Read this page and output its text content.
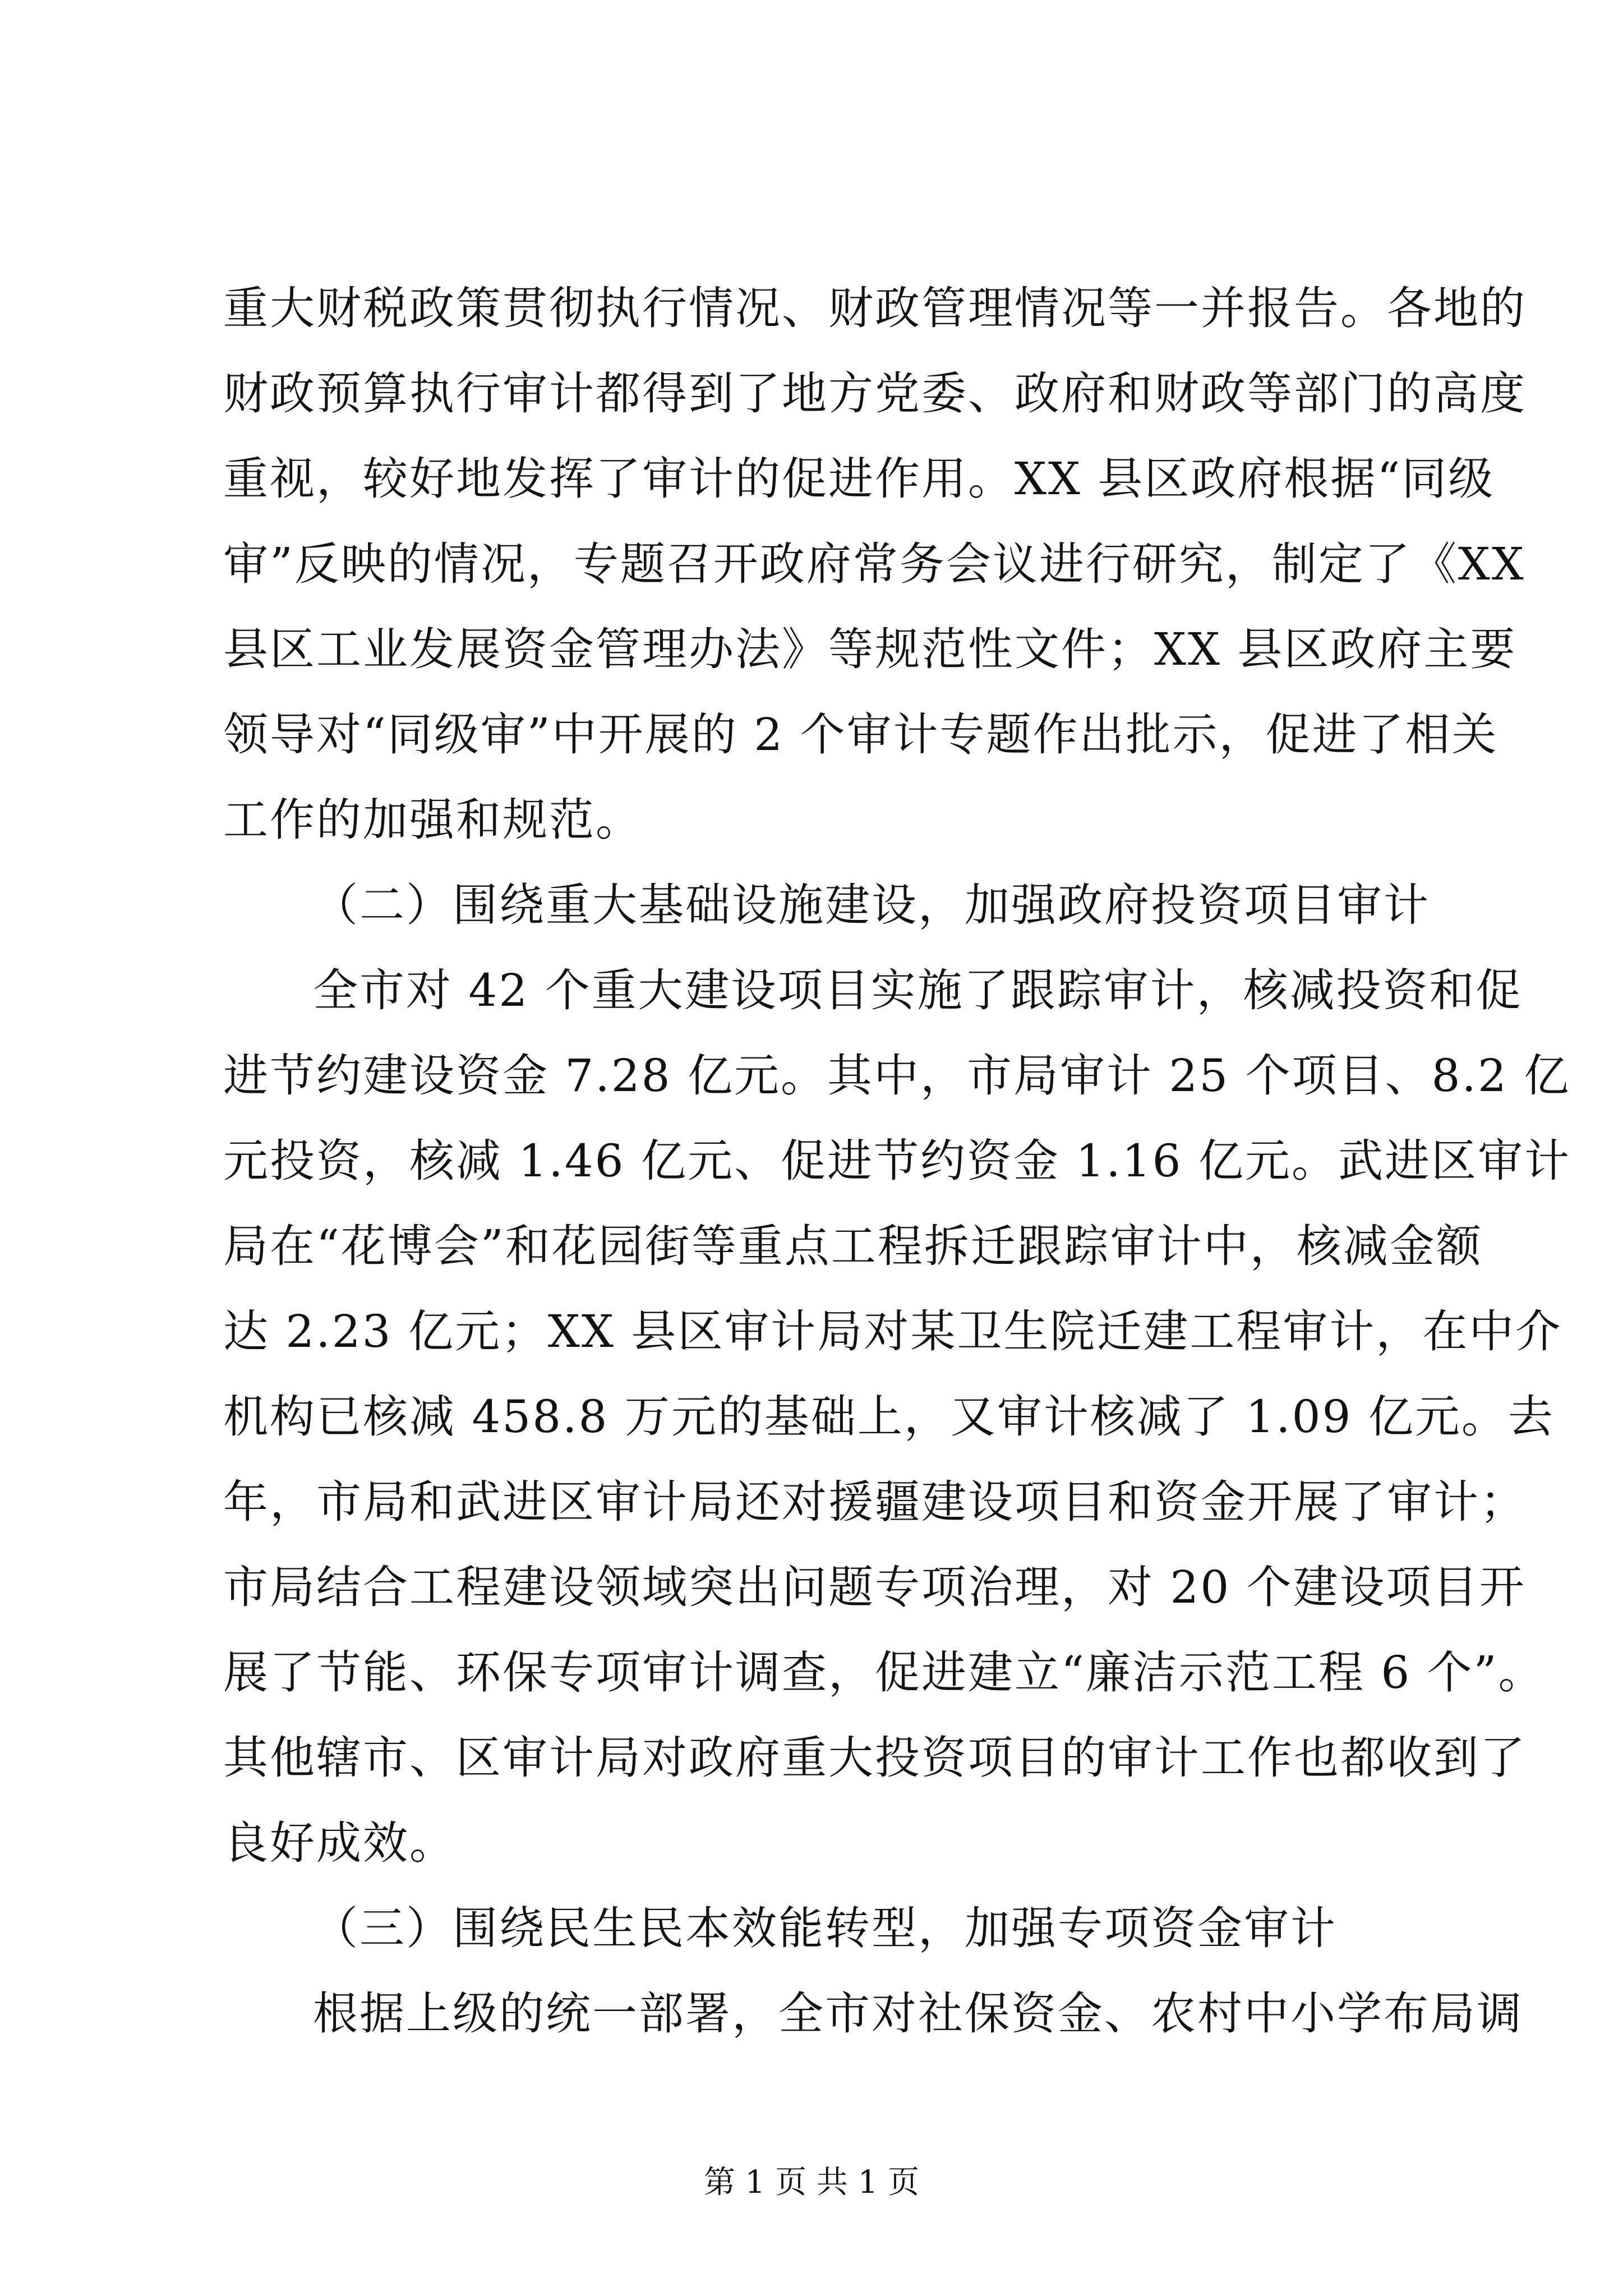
重大财税政策贯彻执行情况、财政管理情况等一并报告。各地的
财政预算执行审计都得到了地方党委、政府和财政等部门的高度
重视，较好地发挥了审计的促进作用。XX 县区政府根据“同级
审”反映的情况，专题召开政府常务会议进行研究，制定了《XX
县区工业发展资金管理办法》等规范性文件；XX 县区政府主要
领导对“同级审”中开展的 2 个审计专题作出批示，促进了相关
工作的加强和规范。
（二）围绕重大基础设施建设，加强政府投资项目审计
全市对 42 个重大建设项目实施了跟踪审计，核减投资和促
进节约建设资金 7.28 亿元。其中，市局审计 25 个项目、8.2 亿
元投资，核减 1.46 亿元、促进节约资金 1.16 亿元。武进区审计
局在“花博会”和花园街等重点工程拆迁跟踪审计中，核减金额
达 2.23 亿元；XX 县区审计局对某卫生院迁建工程审计，在中介
机构已核减 458.8 万元的基础上，又审计核减了 1.09 亿元。去
年，市局和武进区审计局还对援疆建设项目和资金开展了审计；
市局结合工程建设领域突出问题专项治理，对 20 个建设项目开
展了节能、环保专项审计调查，促进建立“廉洁示范工程 6 个”。
其他辖市、区审计局对政府重大投资项目的审计工作也都收到了
良好成效。
（三）围绕民生民本效能转型，加强专项资金审计
根据上级的统一部署，全市对社保资金、农村中小学布局调
第 1 页 共 1 页
